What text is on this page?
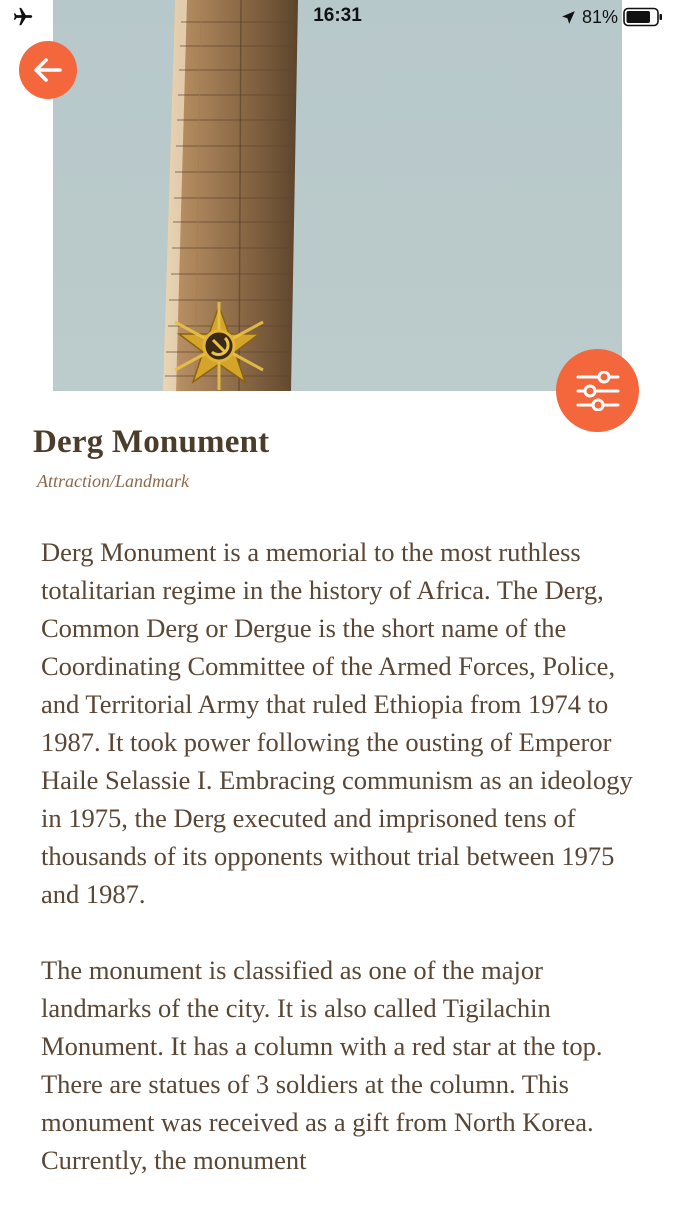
16:31	81%
Derg Monument
Attraction/Landmark

Derg Monument is a memorial to the most ruthless totalitarian regime in the history of Africa. The Derg, Common Derg or Dergue is the short name of the Coordinating Committee of the Armed Forces, Police, and Territorial Army that ruled Ethiopia from 1974 to 1987. It took power following the ousting of Emperor Haile Selassie I. Embracing communism as an ideology in 1975, the Derg executed and imprisoned tens of thousands of its opponents without trial between 1975 and 1987.

The monument is classified as one of the major landmarks of the city. It is also called Tigilachin Monument. It has a column with a red star at the top. There are statues of 3 soldiers at the column. This monument was received as a gift from North Korea. Currently, the monument
